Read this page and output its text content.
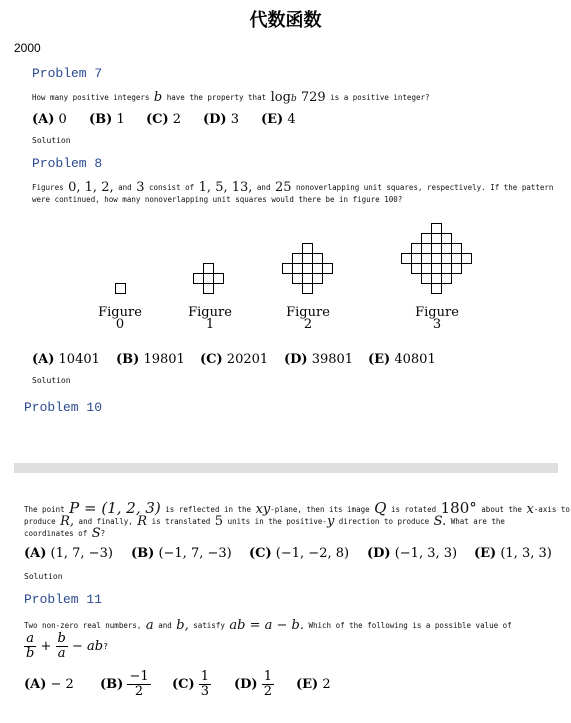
代数函数
2000
Problem 7
How many positive integers b have the property that $\log_b 729$ is a positive integer?
(A) 0 (B) 1 (C) 2 (D) 3 (E) 4
Solution
Problem 8
Figures 0, 1, 2, and 3 consist of 1, 5, 13, and 25 nonoverlapping unit squares, respectively. If the pattern
were continued, how many nonoverlapping unit squares would there be in figure 100?
Figure
0
Figure
1
Figure
2
Figure
3
(A) 10401 (B) 19801 (C) 20201 (D) 39801 (E) 40801
Solution
Problem 10
The point P = (1, 2, 3) is reflected in the xy-plane, then its image Q is rotated 180° about the x-axis to
produce R, and finally, R is translated 5 units in the positive-y direction to produce S. What are the
coordinates of S?
(A) (1, 7, −3) (B) (−1, 7, −3) (C) (−1, −2, 8) (D) (−1, 3, 3) (E) (1, 3, 3)
Solution
Problem 11
Two non-zero real numbers, a and b, satisfy ab = a − b. Which of the following is a possible value of
$\frac{a}{b} + \frac{b}{a}$ − ab?
(A) − 2 $(B) \frac{-1}{2} (C) \frac{1}{3} (D) \frac{1}{2} (E)$ 2
